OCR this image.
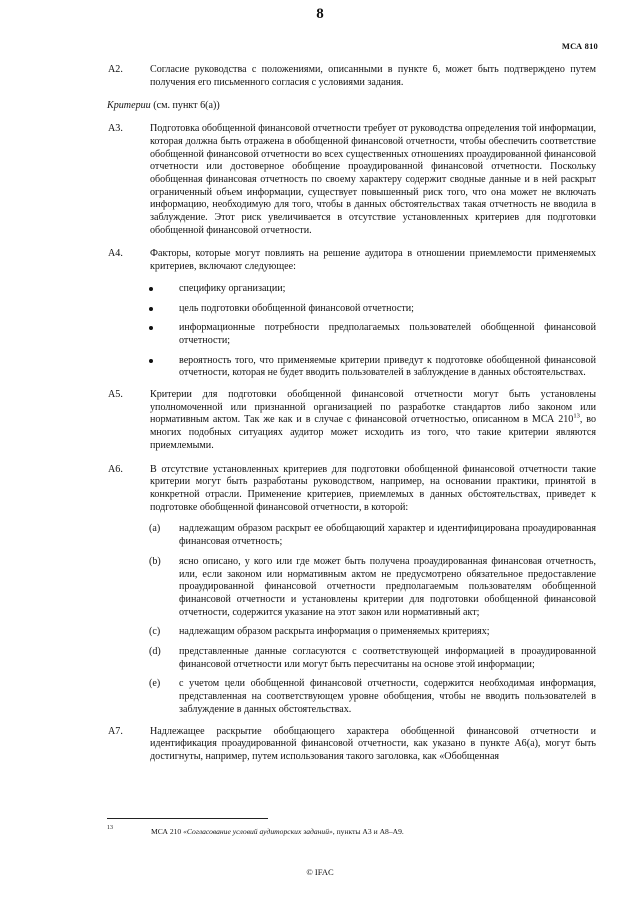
8
МСА 810
А2.	Согласие руководства с положениями, описанными в пункте 6, может быть подтверждено путем получения его письменного согласия с условиями задания.
Критерии (см. пункт 6(a))
А3.	Подготовка обобщенной финансовой отчетности требует от руководства определения той информации, которая должна быть отражена в обобщенной финансовой отчетности, чтобы обеспечить соответствие обобщенной финансовой отчетности во всех существенных отношениях проаудированной финансовой отчетности или достоверное обобщение проаудированной финансовой отчетности. Поскольку обобщенная финансовая отчетность по своему характеру содержит сводные данные и в ней раскрыт ограниченный объем информации, существует повышенный риск того, что она может не включать информацию, необходимую для того, чтобы в данных обстоятельствах такая отчетность не вводила в заблуждение. Этот риск увеличивается в отсутствие установленных критериев для подготовки обобщенной финансовой отчетности.
А4.	Факторы, которые могут повлиять на решение аудитора в отношении приемлемости применяемых критериев, включают следующее:
специфику организации;
цель подготовки обобщенной финансовой отчетности;
информационные потребности предполагаемых пользователей обобщенной финансовой отчетности;
вероятность того, что применяемые критерии приведут к подготовке обобщенной финансовой отчетности, которая не будет вводить пользователей в заблуждение в данных обстоятельствах.
А5.	Критерии для подготовки обобщенной финансовой отчетности могут быть установлены уполномоченной или признанной организацией по разработке стандартов либо законом или нормативным актом. Так же как и в случае с финансовой отчетностью, описанном в МСА $210^{13}$, во многих подобных ситуациях аудитор может исходить из того, что такие критерии являются приемлемыми.
А6.	В отсутствие установленных критериев для подготовки обобщенной финансовой отчетности такие критерии могут быть разработаны руководством, например, на основании практики, принятой в конкретной отрасли. Применение критериев, приемлемых в данных обстоятельствах, приведет к подготовке обобщенной финансовой отчетности, в которой:
(a) надлежащим образом раскрыт ее обобщающий характер и идентифицирована проаудированная финансовая отчетность;
(b) ясно описано, у кого или где может быть получена проаудированная финансовая отчетность, или, если законом или нормативным актом не предусмотрено обязательное предоставление проаудированной финансовой отчетности предполагаемым пользователям обобщенной финансовой отчетности и установлены критерии для подготовки обобщенной финансовой отчетности, содержится указание на этот закон или нормативный акт;
(c) надлежащим образом раскрыта информация о применяемых критериях;
(d) представленные данные согласуются с соответствующей информацией в проаудированной финансовой отчетности или могут быть пересчитаны на основе этой информации;
(e) с учетом цели обобщенной финансовой отчетности, содержится необходимая информация, представленная на соответствующем уровне обобщения, чтобы не вводить пользователей в заблуждение в данных обстоятельствах.
А7.	Надлежащее раскрытие обобщающего характера обобщенной финансовой отчетности и идентификация проаудированной финансовой отчетности, как указано в пункте А6(a), могут быть достигнуты, например, путем использования такого заголовка, как «Обобщенная
13	МСА 210 «Согласование условий аудиторских заданий», пункты А3 и А8–А9.
© IFAC
